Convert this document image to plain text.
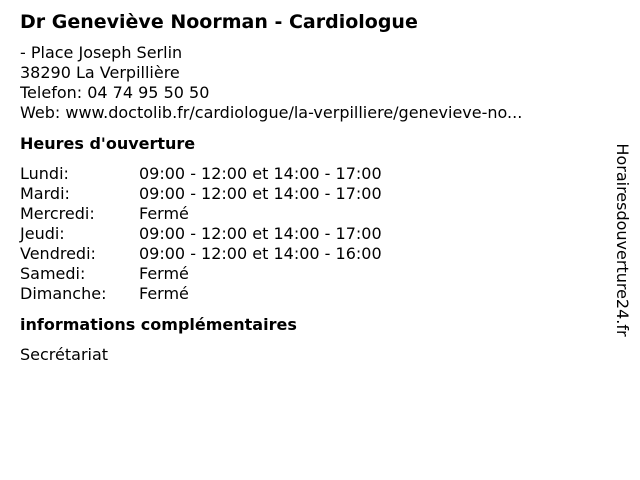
Dr Geneviève Noorman - Cardiologue
- Place Joseph Serlin
38290 La Verpillière
Telefon: 04 74 95 50 50
Web: www.doctolib.fr/cardiologue/la-verpilliere/genevieve-no...
Heures d'ouverture
Lundi:	09:00 - 12:00 et 14:00 - 17:00
Mardi:	09:00 - 12:00 et 14:00 - 17:00
Mercredi:	Fermé
Jeudi:	09:00 - 12:00 et 14:00 - 17:00
Vendredi:	09:00 - 12:00 et 14:00 - 16:00
Samedi:	Fermé
Dimanche:	Fermé
informations complémentaires
Secrétariat
Horairesdouverture24.fr
